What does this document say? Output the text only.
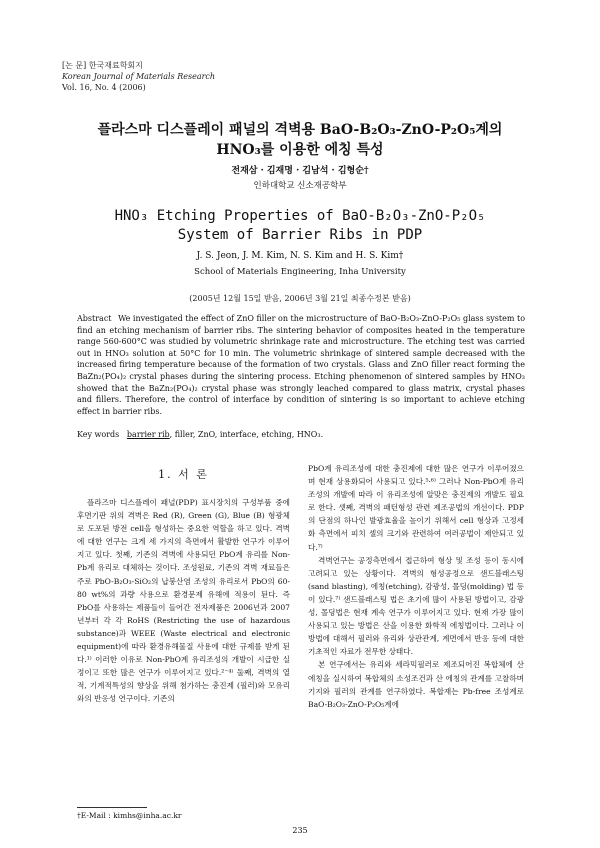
[논 문] 한국재료학회지
Korean Journal of Materials Research
Vol. 16, No. 4 (2006)
플라스마 디스플레이 패널의 격벽용 BaO-B₂O₃-ZnO-P₂O₅계의
HNO₃를 이용한 에칭 특성
전재삼 · 김재명 · 김남석 · 김형순†
인하대학교 신소재공학부
HNO₃ Etching Properties of BaO-B₂O₃-ZnO-P₂O₅
System of Barrier Ribs in PDP
J. S. Jeon, J. M. Kim, N. S. Kim and H. S. Kim†
School of Materials Engineering, Inha University
(2005년 12월 15일 받음, 2006년 3월 21일 최종수정본 받음)
Abstract We investigated the effect of ZnO filler on the microstructure of BaO-B₂O₃-ZnO-P₂O₅ glass system to find an etching mechanism of barrier ribs. The sintering behavior of composites heated in the temperature range 560-600°C was studied by volumetric shrinkage rate and microstructure. The etching test was carried out in HNO₃ solution at 50°C for 10 min. The volumetric shrinkage of sintered sample decreased with the increased firing temperature because of the formation of two crystals. Glass and ZnO filler react forming the BaZn₂(PO₄)₂ crystal phases during the sintering process. Etching phenomenon of sintered samples by HNO₃ showed that the BaZn₂(PO₄)₂ crystal phase was strongly leached compared to glass matrix, crystal phases and fillers. Therefore, the control of interface by condition of sintering is so important to achieve etching effect in barrier ribs.
Key words barrier rib, filler, ZnO, interface, etching, HNO₃.
1. 서 론

플라즈마 디스플레이 패널(PDP) 표시장치의 구성부품 중에 후면기판 위의 격벽은 Red (R), Green (G), Blue (B) 형광체로 도포된 방전 cell을 형성하는 중요한 역할을 하고 있다. 격벽에 대한 연구는 크게 세 가지의 측면에서 활발한 연구가 이루어 지고 있다. 첫째, 기존의 격벽에 사용되던 PbO계 유리를 Non-Pb계 유리로 대체하는 것이다. 조성원료, 기존의 격벽 재료들은 주로 PbO-B₂O₃-SiO₂의 납붕산염 조성의 유리로서 PbO의 60-80 wt%의 과량 사용으로 환경문제 유해에 적용이 된다. 즉 PbO를 사용하는 제품들이 들어간 전자제품은 2006년과 2007년부터 각 각 RoHS (Restricting the use of hazardous substance)과 WEEE (Waste electrical and electronic equipment)에 따라 환경유해물질 사용에 대한 규제를 받게 된다.¹⁾ 이러한 이유로 Non-PbO계 유리조성의 개발이 시급한 실정이고 또한 많은 연구가 이루어지고 있다.²⁻⁴⁾ 둘째, 격벽의 열적, 기계적특성의 향상을 위해 첨가하는 충진제 (필러)와 모유리와의 반응성 연구이다. 기존의

PbO계 유리조성에 대한 충진제에 대한 많은 연구가 이루어졌으며 현재 상용화되어 사용되고 있다.⁵·⁶⁾ 그러나 Non-PbO계 유리조성의 개발에 따라 이 유리조성에 알맞은 충진제의 개발도 필요로 한다. 셋째, 격벽의 패턴형성 관련 제조공법의 개선이다. PDP의 단점의 하나인 발광효율을 높이기 위해서 cell 형상과 고정세화 측면에서 피치 셀의 크기와 관련하여 여러공법이 제안되고 있다.⁷⁾

격벽연구는 공정측면에서 접근하여 형상 및 조성 등이 동시에 고려되고 있는 상황이다. 격벽의 형성공정으로 샌드블래스팅(sand blasting), 에칭(etching), 감광성, 몰딩(molding) 법 등이 있다.⁷⁾ 샌드블래스팅 법은 초기에 많이 사용된 방법이고, 감광성, 몰딩법은 현재 계속 연구가 이루어지고 있다. 현재 가장 많이 사용되고 있는 방법은 산을 이용한 화학적 에칭법이다. 그러나 이 방법에 대해서 필러와 유리와 상관관계, 계면에서 반응 등에 대한 기초적인 자료가 전무한 상태다.

본 연구에서는 유리와 세라믹필러로 제조되어진 복합체에 산 에칭을 실시하여 복합체의 소성조건과 산 에칭의 관계를 고찰하며 기지와 필러의 관계를 연구하였다. 복합재는 Pb-free 조성계로 BaO-B₂O₃-ZnO-P₂O₅계에

†E-Mail : kimhs@inha.ac.kr
235
